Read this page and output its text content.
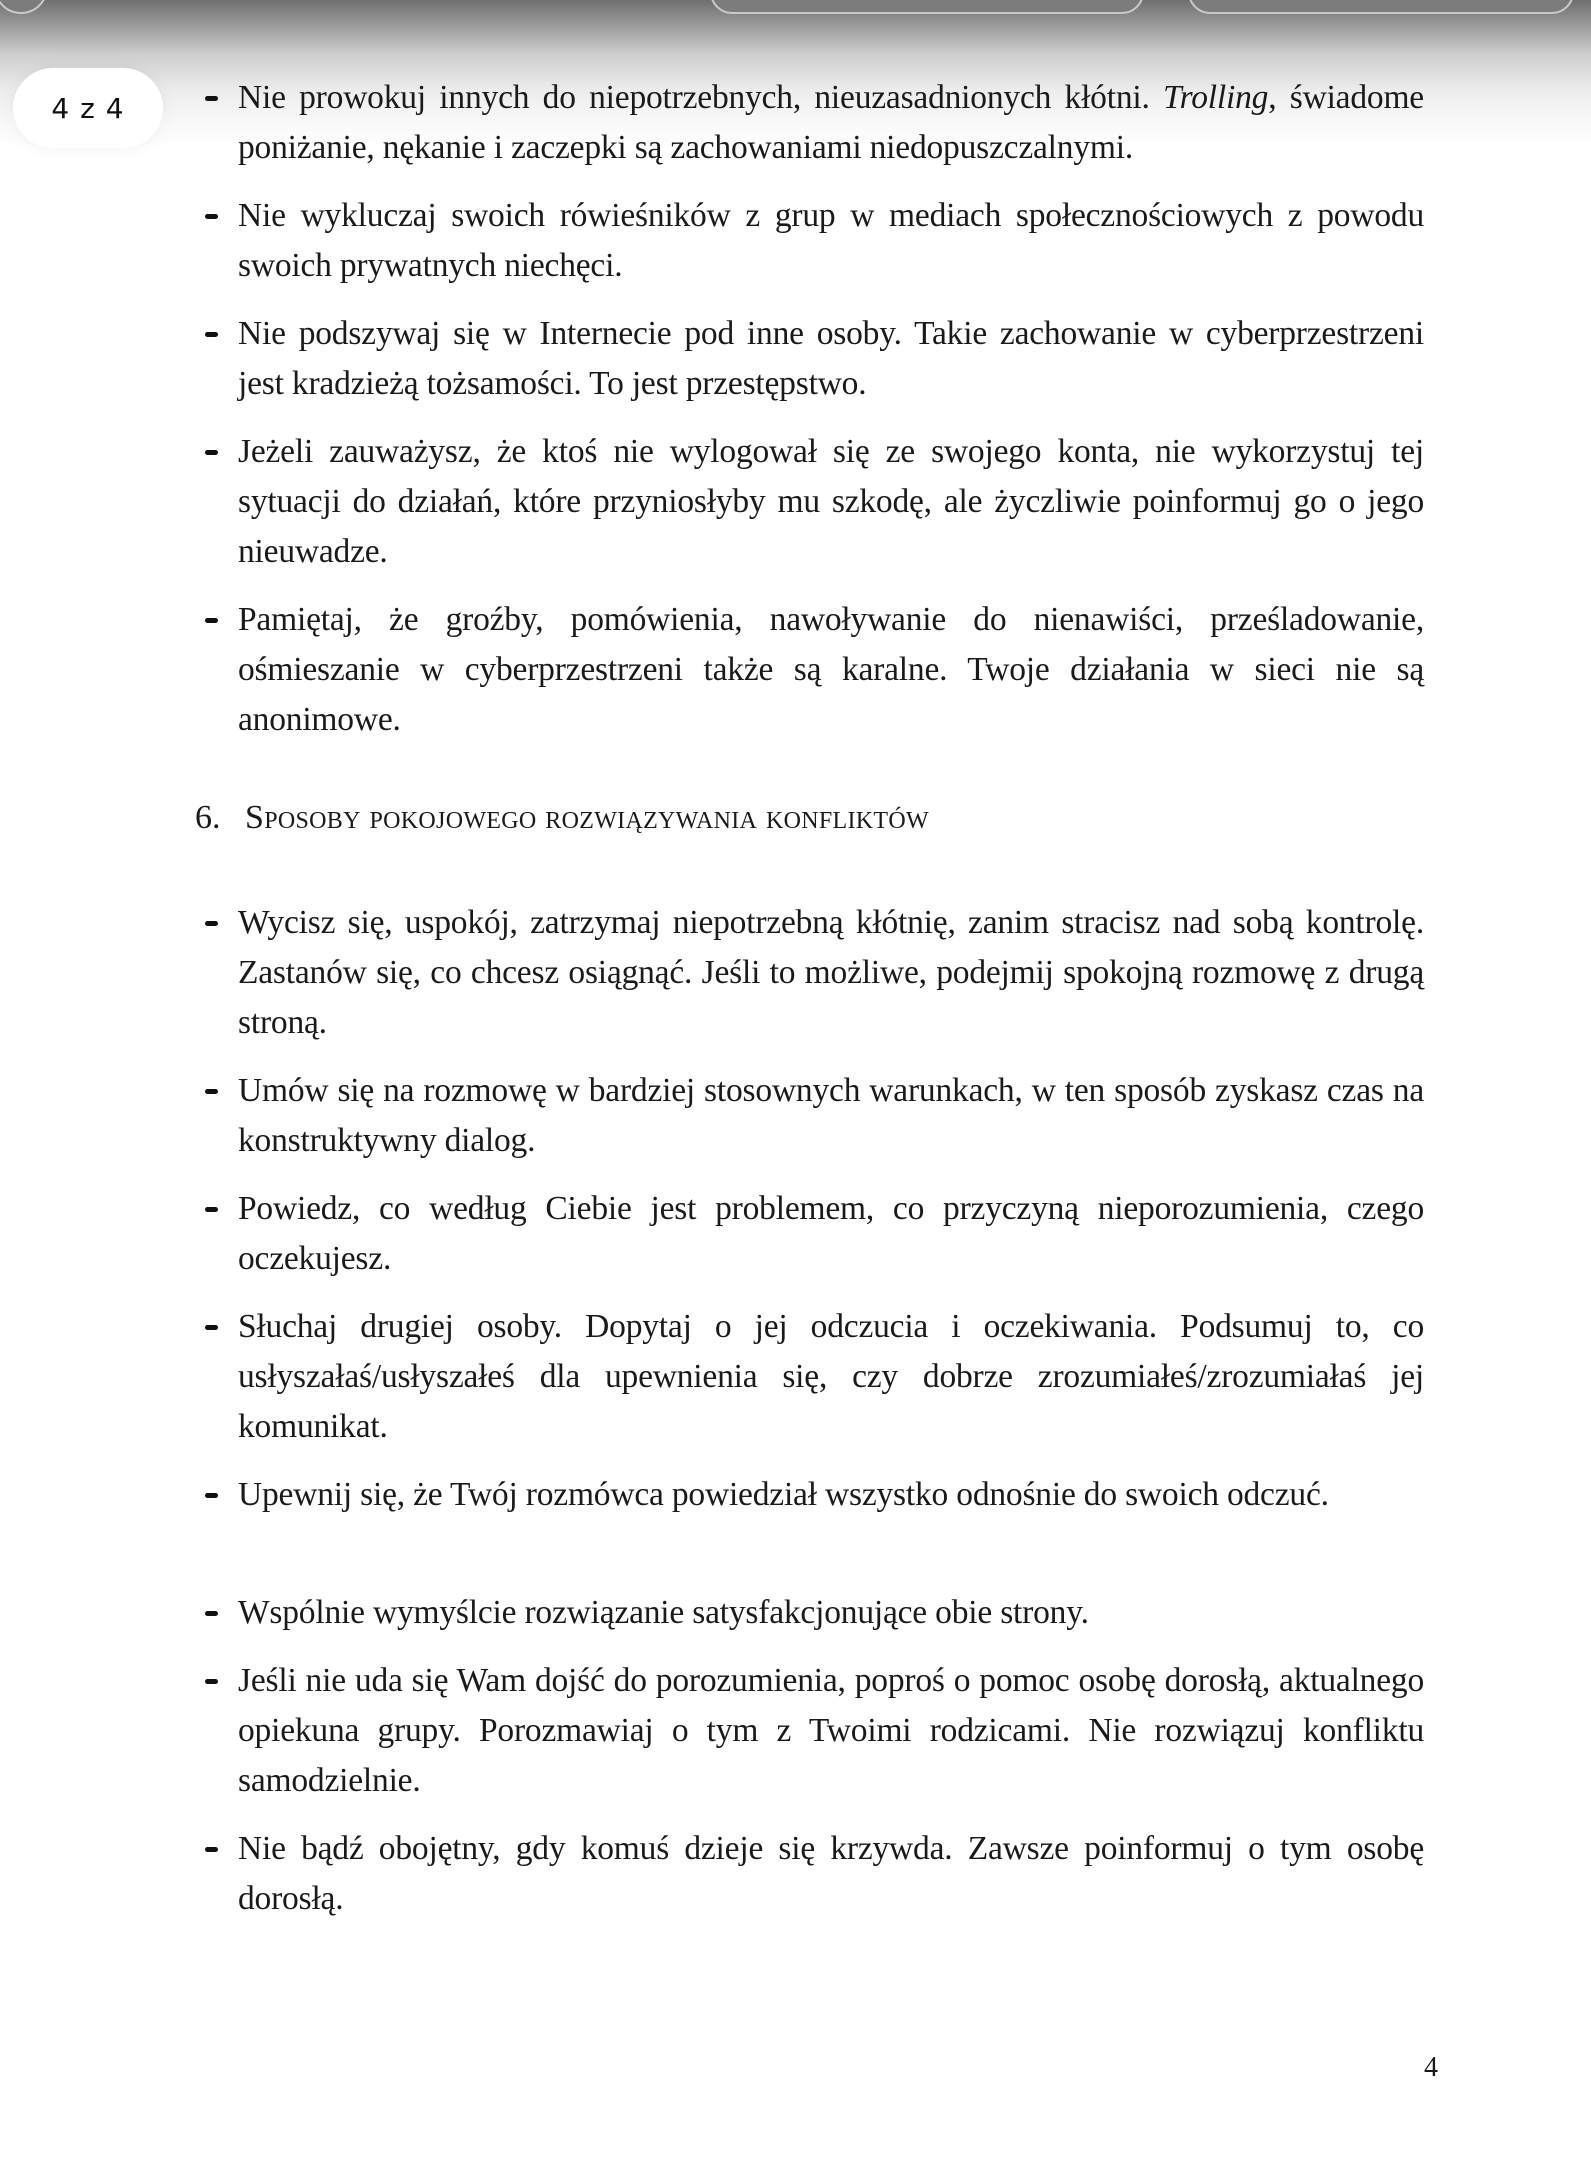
4 z 4	Nie prowokuj innych do niepotrzebnych, nieuzasadnionych kłótni. Trolling, świadome poniżanie, nękanie i zaczepki są zachowaniami niedopuszczalnymi.
Nie wykluczaj swoich rówieśników z grup w mediach społecznościowych z powodu swoich prywatnych niechęci.
Nie podszywaj się w Internecie pod inne osoby. Takie zachowanie w cyberprzestrzeni jest kradzieżą tożsamości. To jest przestępstwo.
Jeżeli zauważysz, że ktoś nie wylogował się ze swojego konta, nie wykorzystuj tej sytuacji do działań, które przyniosłyby mu szkodę, ale życzliwie poinformuj go o jego nieuwadze.
Pamiętaj, że groźby, pomówienia, nawoływanie do nienawiści, prześladowanie, ośmieszanie w cyberprzestrzeni także są karalne. Twoje działania w sieci nie są anonimowe.
6. Sposoby pokojowego rozwiązywania konfliktów
Wycisz się, uspokój, zatrzymaj niepotrzebną kłótnię, zanim stracisz nad sobą kontrolę. Zastanów się, co chcesz osiągnąć. Jeśli to możliwe, podejmij spokojną rozmowę z drugą stroną.
Umów się na rozmowę w bardziej stosownych warunkach, w ten sposób zyskasz czas na konstruktywny dialog.
Powiedz, co według Ciebie jest problemem, co przyczyną nieporozumienia, czego oczekujesz.
Słuchaj drugiej osoby. Dopytaj o jej odczucia i oczekiwania. Podsumuj to, co usłyszałaś/usłyszałeś dla upewnienia się, czy dobrze zrozumiałeś/zrozumiałaś jej komunikat.
Upewnij się, że Twój rozmówca powiedział wszystko odnośnie do swoich odczuć.
Wspólnie wymyślcie rozwiązanie satysfakcjonujące obie strony.
Jeśli nie uda się Wam dojść do porozumienia, poproś o pomoc osobę dorosłą, aktualnego opiekuna grupy. Porozmawiaj o tym z Twoimi rodzicami. Nie rozwiązuj konfliktu samodzielnie.
Nie bądź obojętny, gdy komuś dzieje się krzywda. Zawsze poinformuj o tym osobę dorosłą.
4
